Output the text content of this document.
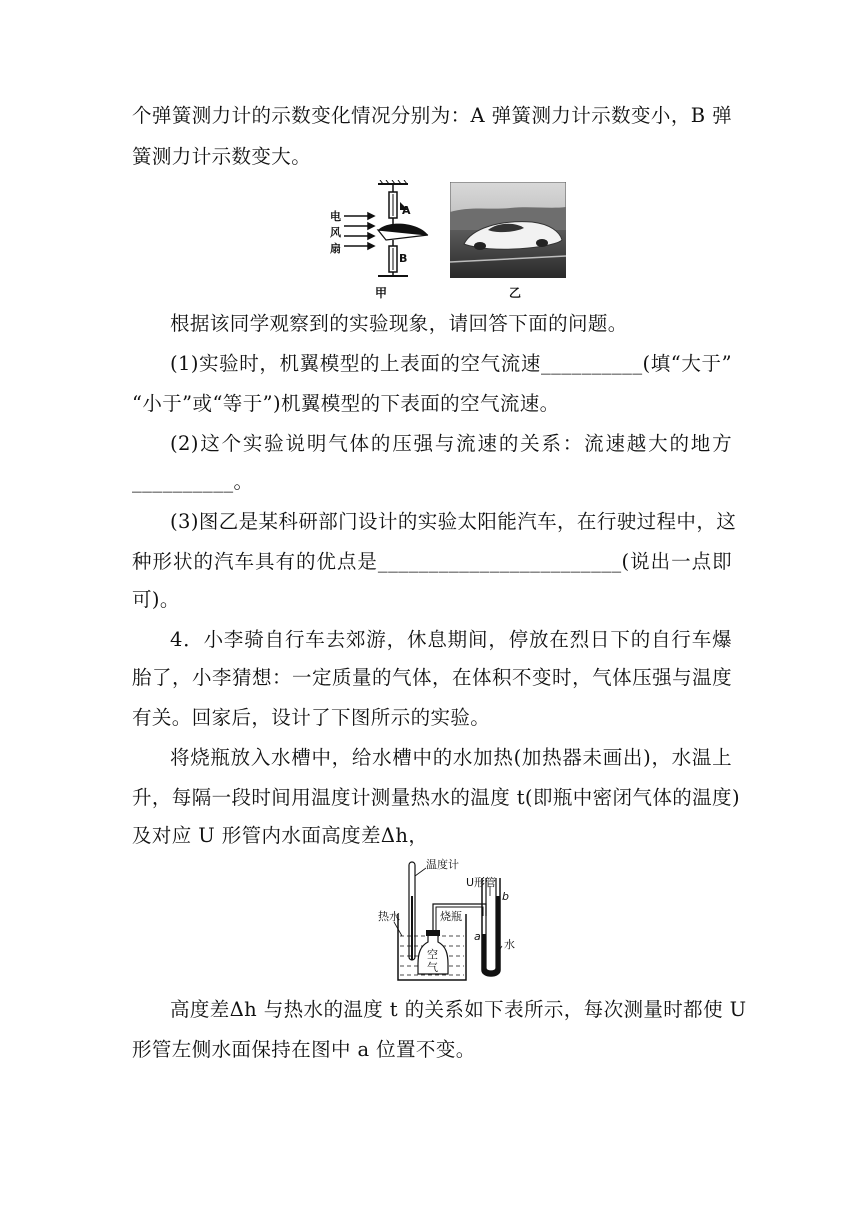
个弹簧测力计的示数变化情况分别为：A 弹簧测力计示数变小，B 弹
簧测力计示数变大。
A
B
电
风
扇
甲	乙
根据该同学观察到的实验现象，请回答下面的问题。
(1)实验时，机翼模型的上表面的空气流速__________(填“大于”
“小于”或“等于”)机翼模型的下表面的空气流速。
(2)这个实验说明气体的压强与流速的关系：流速越大的地方
__________。
(3)图乙是某科研部门设计的实验太阳能汽车，在行驶过程中，这
种形状的汽车具有的优点是________________________(说出一点即
可)。
4．小李骑自行车去郊游，休息期间，停放在烈日下的自行车爆
胎了，小李猜想：一定质量的气体，在体积不变时，气体压强与温度
有关。回家后，设计了下图所示的实验。
将烧瓶放入水槽中，给水槽中的水加热(加热器未画出)，水温上
升，每隔一段时间用温度计测量热水的温度 t(即瓶中密闭气体的温度)
及对应 U 形管内水面高度差Δh，
温度计
热水
空
气
烧瓶
U形管
b
a
水
高度差Δh 与热水的温度 t 的关系如下表所示，每次测量时都使 U
形管左侧水面保持在图中 a 位置不变。
